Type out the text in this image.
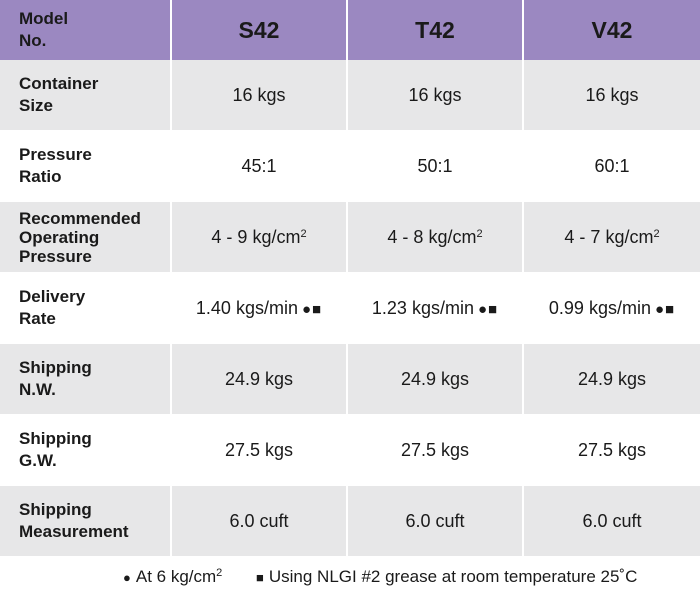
Model
No.	S42	T42	V42
Container
Size	16 kgs	16 kgs	16 kgs
Pressure
Ratio	45:1	50:1	60:1
Recommended
Operating
Pressure	4 - 9 $kg/cm^2$	4 - 8 $kg/cm^2$	4 - 7 $kg/cm^2$
Delivery
Rate	1.40 kgs/min ●■	1.23 kgs/min ●■	0.99 kgs/min ●■
Shipping
N.W.	24.9 kgs	24.9 kgs	24.9 kgs
Shipping
G.W.	27.5 kgs	27.5 kgs	27.5 kgs
Shipping
Measurement	6.0 cuft	6.0 cuft	6.0 cuft
● At 6 $kg/cm^2$	■ Using NLGI #2 grease at room temperature 25˚C
